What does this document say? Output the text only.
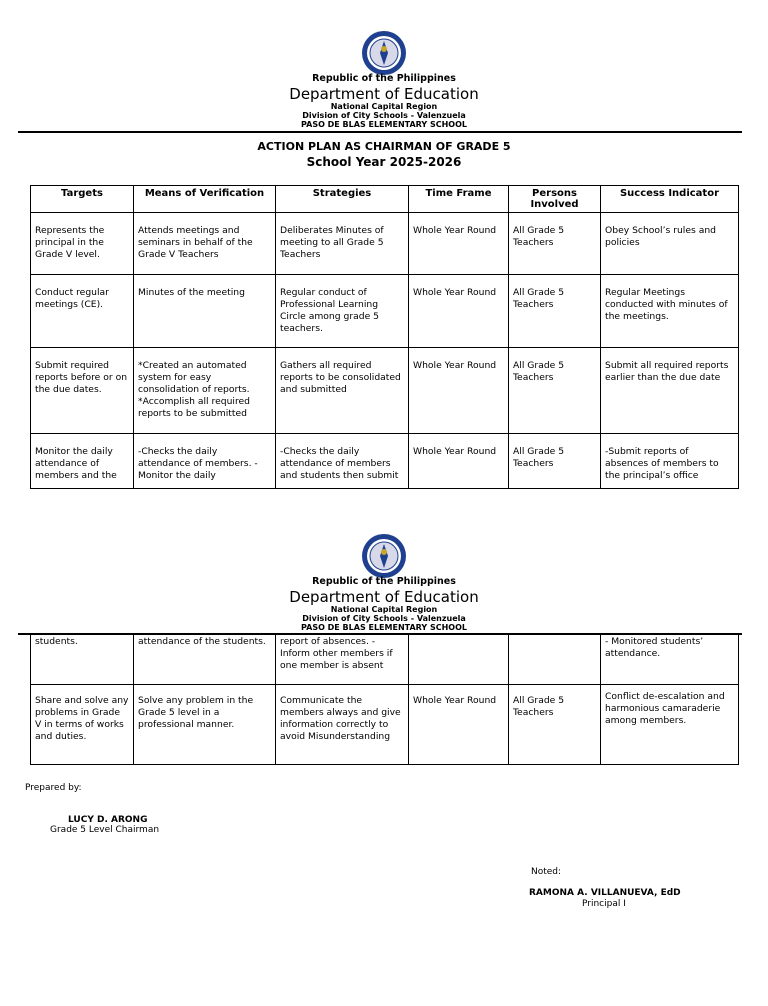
Republic of the Philippines
Department of Education
National Capital Region
Division of City Schools - Valenzuela
PASO DE BLAS ELEMENTARY SCHOOL
ACTION PLAN AS CHAIRMAN OF GRADE 5
School Year 2025-2026
Targets	Means of Verification	Strategies	Time Frame	Persons Involved	Success Indicator
Represents the principal in the Grade V level.	Attends meetings and seminars in behalf of the Grade V Teachers	Deliberates Minutes of meeting to all Grade 5 Teachers	Whole Year Round	All Grade 5 Teachers	Obey School’s rules and policies
Conduct regular meetings (CE).	Minutes of the meeting	Regular conduct of Professional Learning Circle among grade 5 teachers.	Whole Year Round	All Grade 5 Teachers	Regular Meetings conducted with minutes of the meetings.
Submit required reports before or on the due dates.	*Created an automated system for easy consolidation of reports. *Accomplish all required reports to be submitted	Gathers all required reports to be consolidated and submitted	Whole Year Round	All Grade 5 Teachers	Submit all required reports earlier than the due date
Monitor the daily attendance of members and the	-Checks the daily attendance of members. -Monitor the daily	-Checks the daily attendance of members and students then submit	Whole Year Round	All Grade 5 Teachers	-Submit reports of absences of members to the principal’s office
Republic of the Philippines
Department of Education
National Capital Region
Division of City Schools - Valenzuela
PASO DE BLAS ELEMENTARY SCHOOL
students.	attendance of the students.	report of absences. -Inform other members if one member is absent			- Monitored students’ attendance.
Share and solve any problems in Grade V in terms of works and duties.	Solve any problem in the Grade 5 level in a professional manner.	Communicate the members always and give information correctly to avoid Misunderstanding	Whole Year Round	All Grade 5 Teachers	Conflict de-escalation and harmonious camaraderie among members.
Prepared by:
LUCY D. ARONG
Grade 5 Level Chairman
Noted:
RAMONA A. VILLANUEVA, EdD
Principal I
